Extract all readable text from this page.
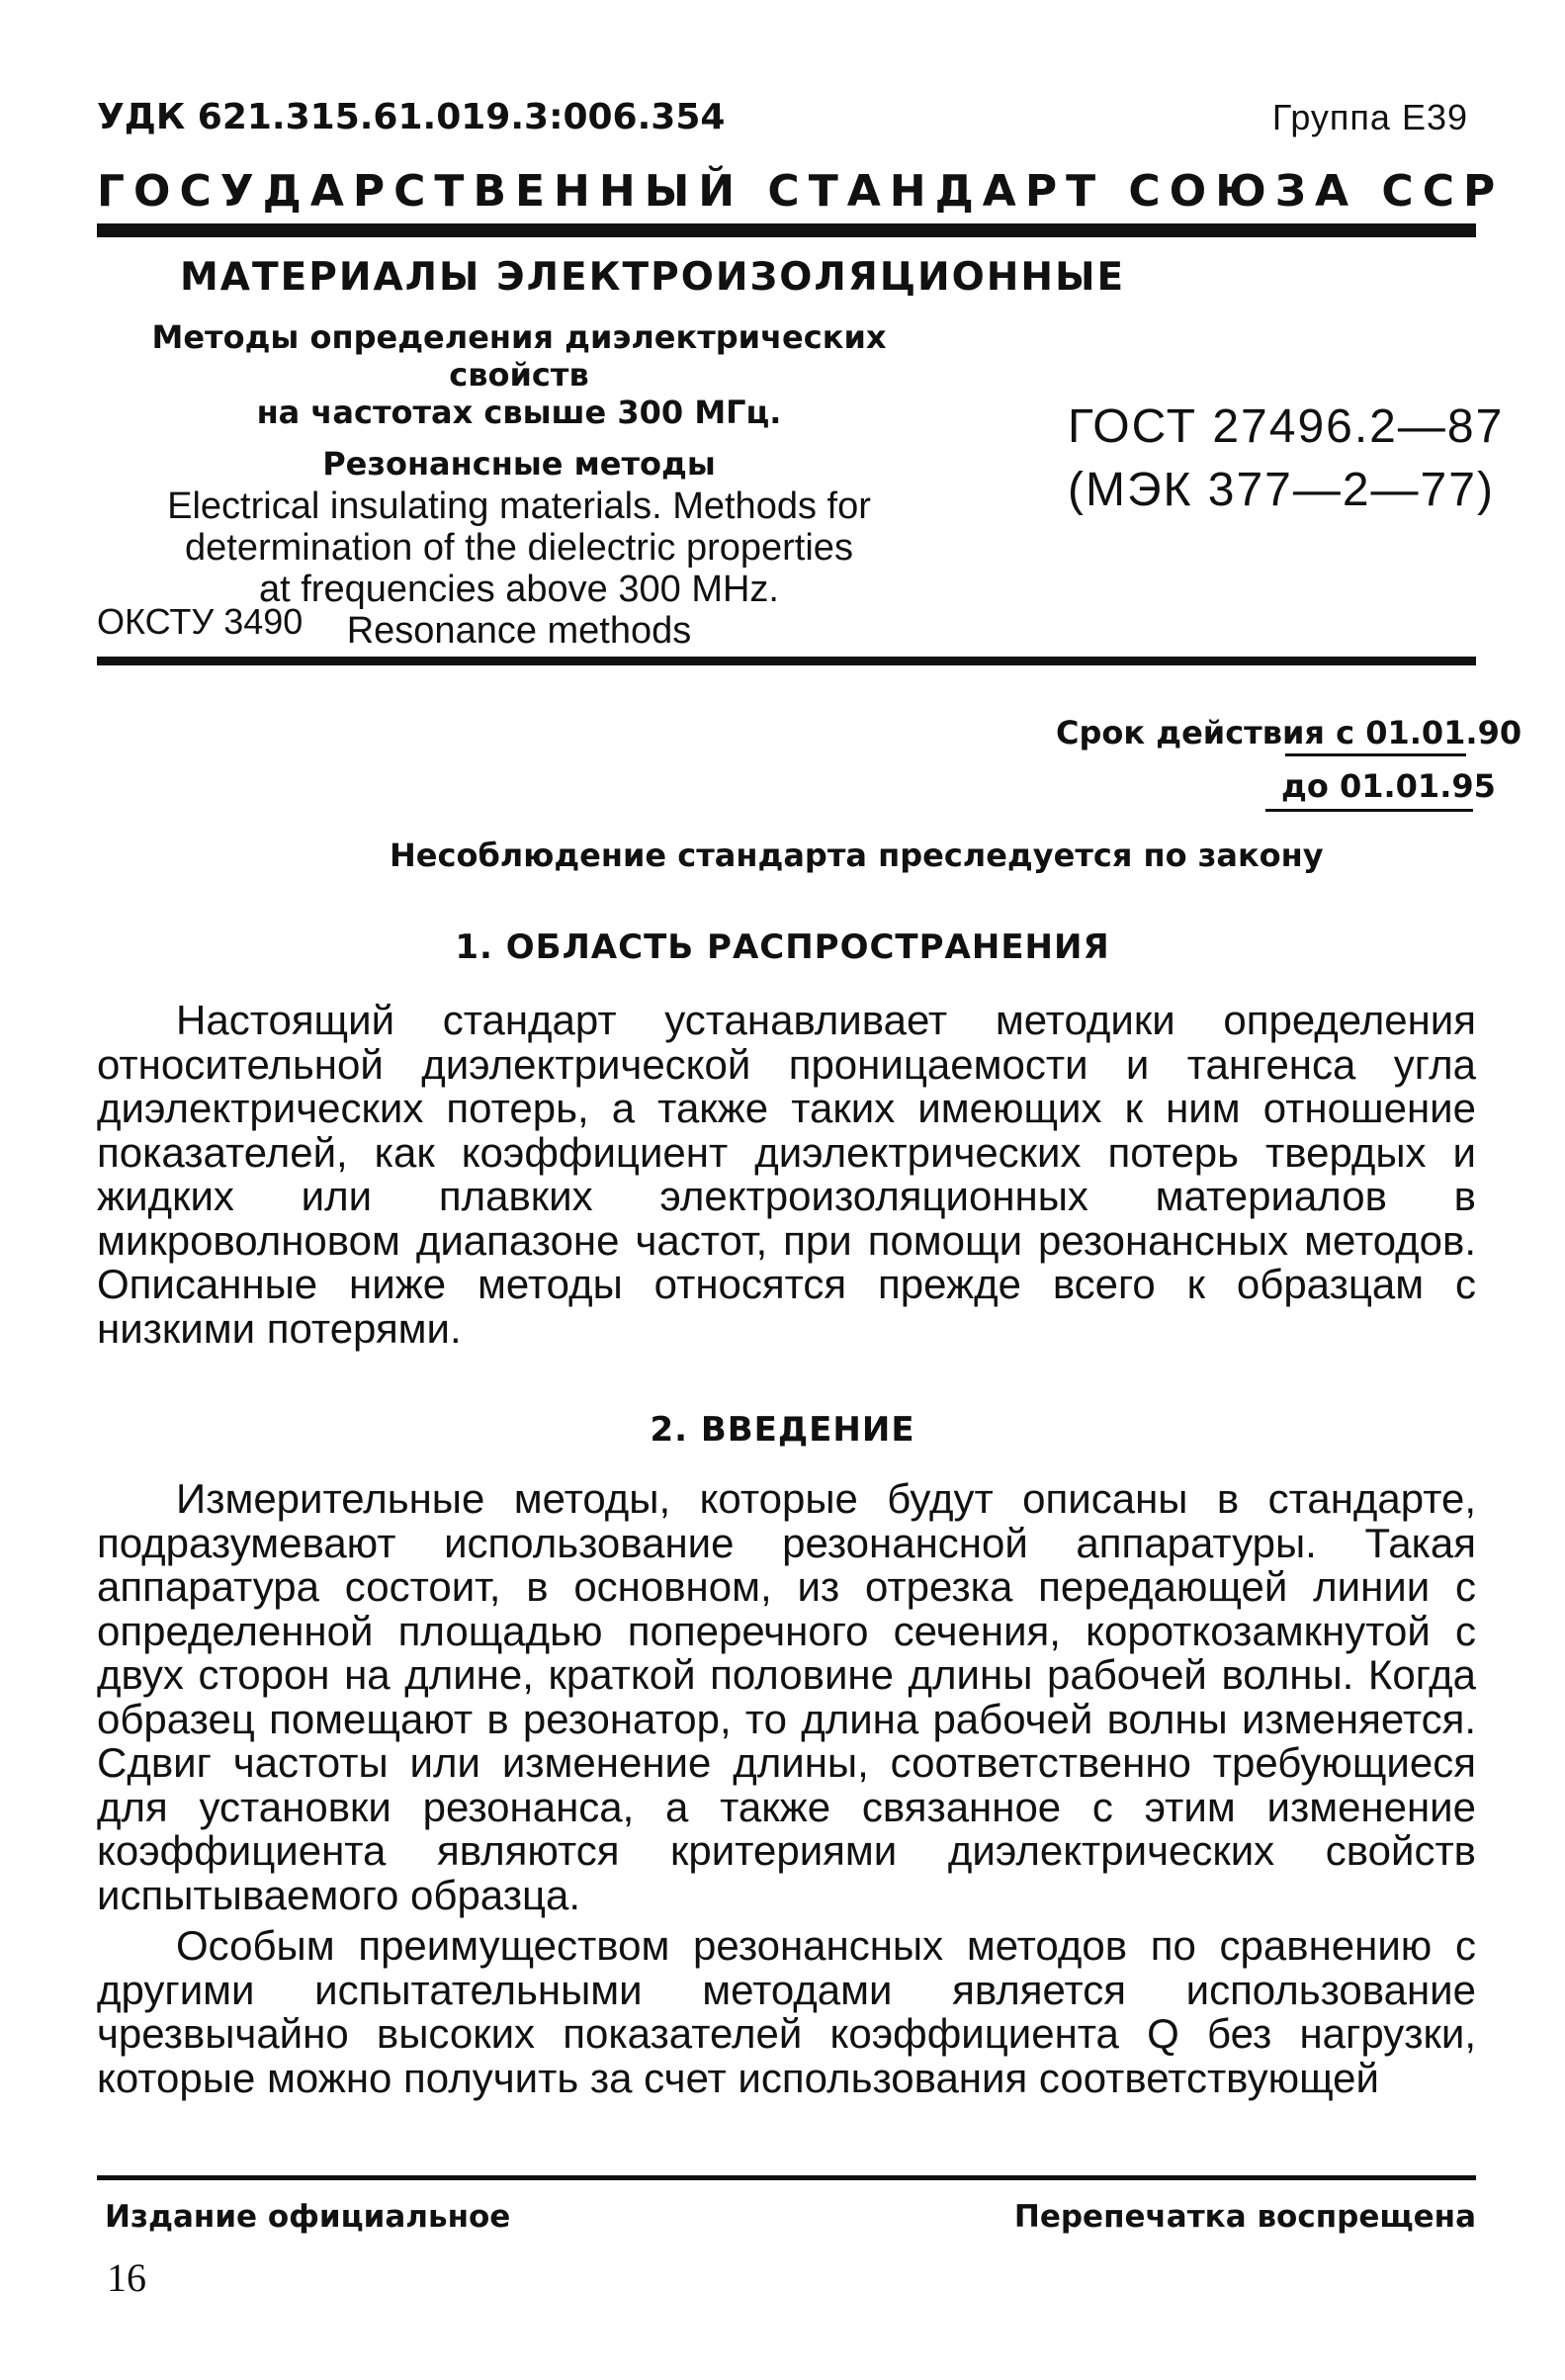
УДК 621.315.61.019.3:006.354	Группа Е39
ГОСУДАРСТВЕННЫЙ СТАНДАРТ СОЮЗА ССР
МАТЕРИАЛЫ ЭЛЕКТРОИЗОЛЯЦИОННЫЕ

Методы определения диэлектрических свойств

на частотах свыше 300 МГц.

Резонансные методы

Electrical insulating materials. Methods for

determination of the dielectric properties

at frequencies above 300 MHz.

Resonance methods

ГОСТ 27496.2—87
(МЭК 377—2—77)
ОКСТУ 3490
Срок действия с 01.01.90
до 01.01.95
Несоблюдение стандарта преследуется по закону
1. ОБЛАСТЬ РАСПРОСТРАНЕНИЯ

Настоящий стандарт устанавливает методики определения относительной диэлектрической проницаемости и тангенса угла диэлектрических потерь, а также таких имеющих к ним отношение показателей, как коэффициент диэлектрических потерь твердых и жидких или плавких электроизоляционных материалов в микроволновом диапазоне частот, при помощи резонансных методов. Описанные ниже методы относятся прежде всего к образцам с низкими потерями.

2. ВВЕДЕНИЕ

Измерительные методы, которые будут описаны в стандарте, подразумевают использование резонансной аппаратуры. Такая аппаратура состоит, в основном, из отрезка передающей линии с определенной площадью поперечного сечения, короткозамкнутой с двух сторон на длине, краткой половине длины рабочей волны. Когда образец помещают в резонатор, то длина рабочей волны изменяется. Сдвиг частоты или изменение длины, соответственно требующиеся для установки резонанса, а также связанное с этим изменение коэффициента являются критериями диэлектрических свойств испытываемого образца.

Особым преимуществом резонансных методов по сравнению с другими испытательными методами является использование чрезвычайно высоких показателей коэффициента Q без нагрузки, которые можно получить за счет использования соответствующей

Издание официальное	Перепечатка воспрещена
16
